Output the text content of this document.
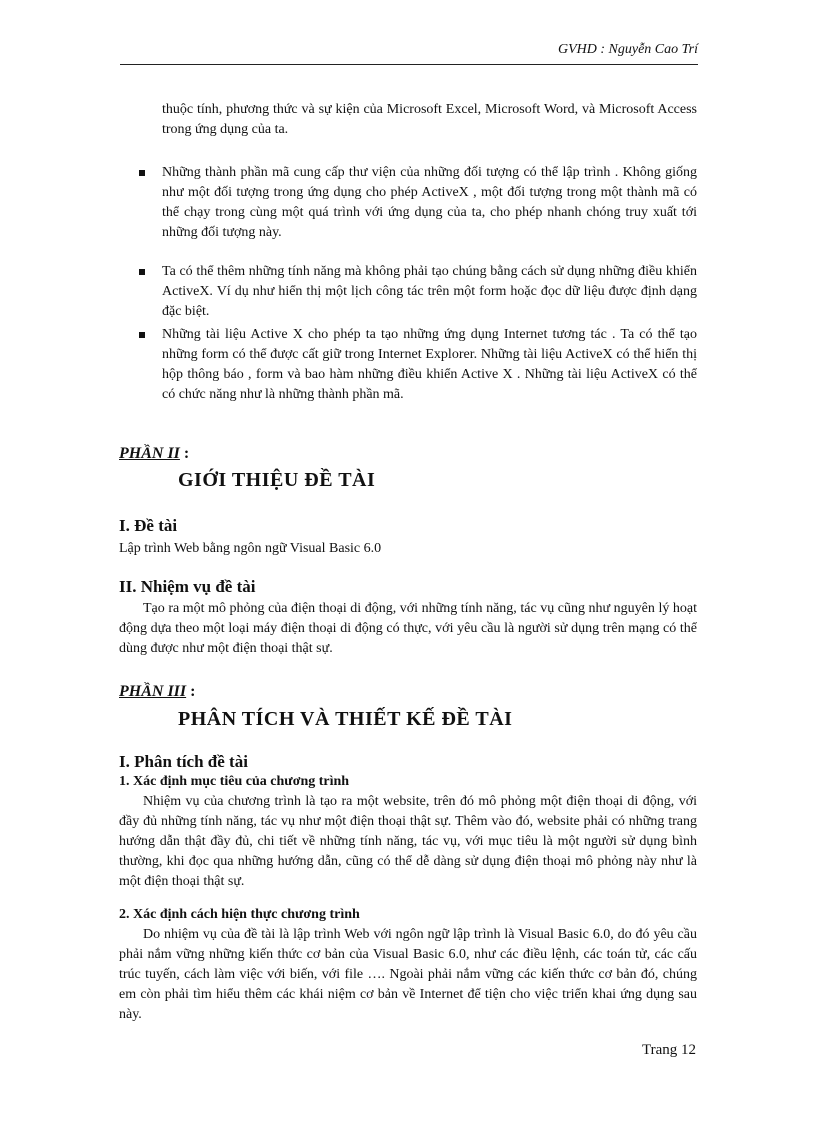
GVHD : Nguyễn Cao Trí

thuộc tính, phương thức và sự kiện của Microsoft Excel, Microsoft Word, và Microsoft Access trong ứng dụng của ta.

Những thành phần mã cung cấp thư viện của những đối tượng có thể lập trình . Không giống như một đối tượng trong ứng dụng cho phép ActiveX , một đối tượng trong một thành mã có thể chạy trong cùng một quá trình với ứng dụng của ta, cho phép nhanh chóng truy xuất tới những đối tượng này.
Ta có thể thêm những tính năng mà không phải tạo chúng bằng cách sử dụng những điều khiển ActiveX. Ví dụ như hiển thị một lịch công tác trên một form hoặc đọc dữ liệu được định dạng đặc biệt.
Những tài liệu Active X cho phép ta tạo những ứng dụng Internet tương tác . Ta có thể tạo những form có thể được cất giữ trong Internet Explorer. Những tài liệu ActiveX có thể hiển thị hộp thông báo , form và bao hàm những điều khiển Active X . Những tài liệu ActiveX có thể có chức năng như là những thành phần mã.
PHẦN II :
GIỚI THIỆU ĐỀ TÀI
I. Đề tài

Lập trình Web bằng ngôn ngữ Visual Basic 6.0

II. Nhiệm vụ đề tài

Tạo ra một mô phỏng của điện thoại di động, với những tính năng, tác vụ cũng như nguyên lý hoạt động dựa theo một loại máy điện thoại di động có thực, với yêu cầu là người sử dụng trên mạng có thể dùng được như một điện thoại thật sự.

PHẦN III :
PHÂN TÍCH VÀ THIẾT KẾ ĐỀ TÀI
I. Phân tích đề tài
1. Xác định mục tiêu của chương trình

Nhiệm vụ của chương trình là tạo ra một website, trên đó mô phỏng một điện thoại di động, với đầy đủ những tính năng, tác vụ như một điện thoại thật sự. Thêm vào đó, website phải có những trang hướng dẫn thật đầy đủ, chi tiết về những tính năng, tác vụ, với mục tiêu là một người sử dụng bình thường, khi đọc qua những hướng dẫn, cũng có thể dễ dàng sử dụng điện thoại mô phỏng này như là một điện thoại thật sự.

2. Xác định cách hiện thực chương trình

Do nhiệm vụ của đề tài là lập trình Web với ngôn ngữ lập trình là Visual Basic 6.0, do đó yêu cầu phải nắm vững những kiến thức cơ bản của Visual Basic 6.0, như các điều lệnh, các toán tử, các cấu trúc tuyến, cách làm việc với biến, với file …. Ngoài phải nắm vững các kiến thức cơ bản đó, chúng em còn phải tìm hiểu thêm các khái niệm cơ bản về Internet để tiện cho việc triển khai ứng dụng sau này.

Trang 12
